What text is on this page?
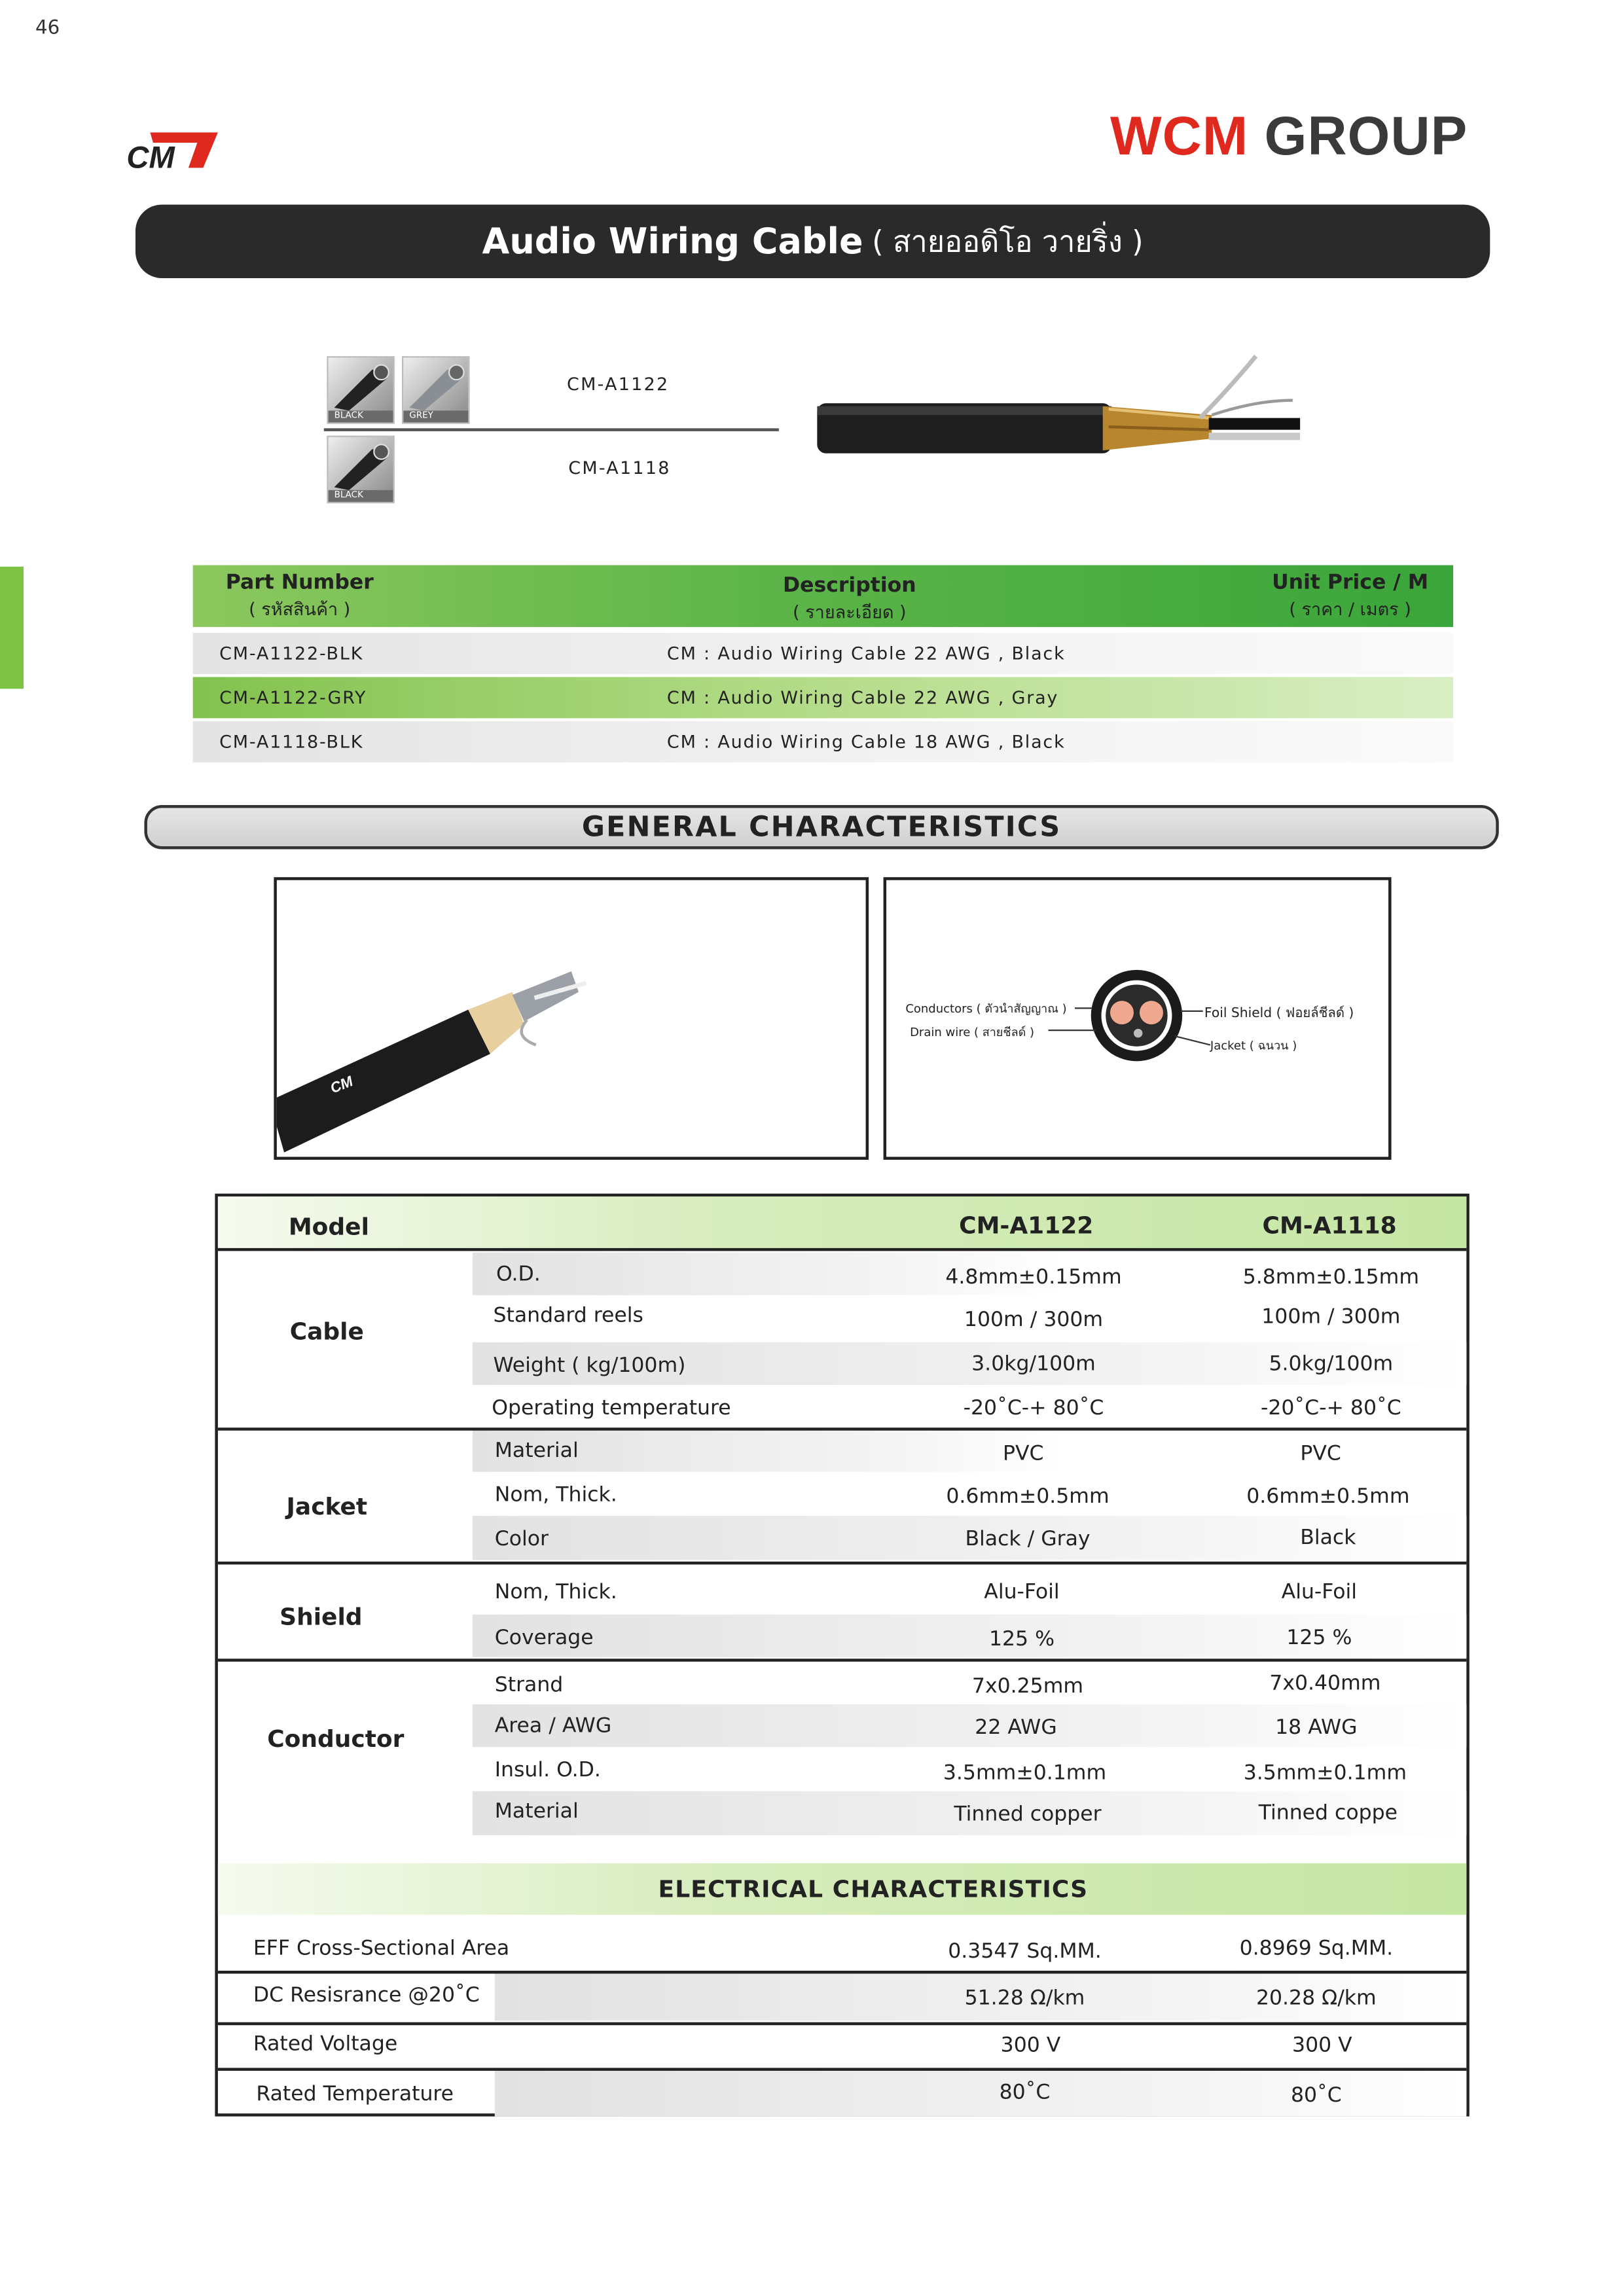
46
CM	WCM GROUP
Audio Wiring Cable ( สายออดิโอ วายริ่ง )
BLACK	GREY
CM-A1122
BLACK
CM-A1118
Part Number
( รหัสสินค้า )
Description
( รายละเอียด )
Unit Price / M
( ราคา / เมตร )
CM-A1122-BLK	CM : Audio Wiring Cable 22 AWG , Black
CM-A1122-GRY	CM : Audio Wiring Cable 22 AWG , Gray
CM-A1118-BLK	CM : Audio Wiring Cable 18 AWG , Black
GENERAL CHARACTERISTICS
CM
Conductors ( ตัวนำสัญญาณ )
Drain wire ( สายชีลด์ )
Foil Shield ( ฟอยล์ชีลด์ )
Jacket ( ฉนวน )
Model	CM-A1122	CM-A1118
Cable
Jacket
Shield
Conductor
O.D.	4.8mm±0.15mm	5.8mm±0.15mm
Standard reels	100m / 300m	100m / 300m
Weight ( kg/100m)	3.0kg/100m	5.0kg/100m
Operating temperature	-20˚C-+ 80˚C	-20˚C-+ 80˚C
Material	PVC	PVC
Nom, Thick.	0.6mm±0.5mm	0.6mm±0.5mm
Color	Black / Gray	Black
Nom, Thick.	Alu-Foil	Alu-Foil
Coverage	125 %	125 %
Strand	7x0.25mm	7x0.40mm
Area / AWG	22 AWG	18 AWG
Insul. O.D.	3.5mm±0.1mm	3.5mm±0.1mm
Material	Tinned copper	Tinned coppe
ELECTRICAL CHARACTERISTICS
EFF Cross-Sectional Area	0.3547 Sq.MM.	0.8969 Sq.MM.
DC Resisrance @20˚C	51.28 Ω/km	20.28 Ω/km
Rated Voltage	300 V	300 V
Rated Temperature	80˚C	80˚C
